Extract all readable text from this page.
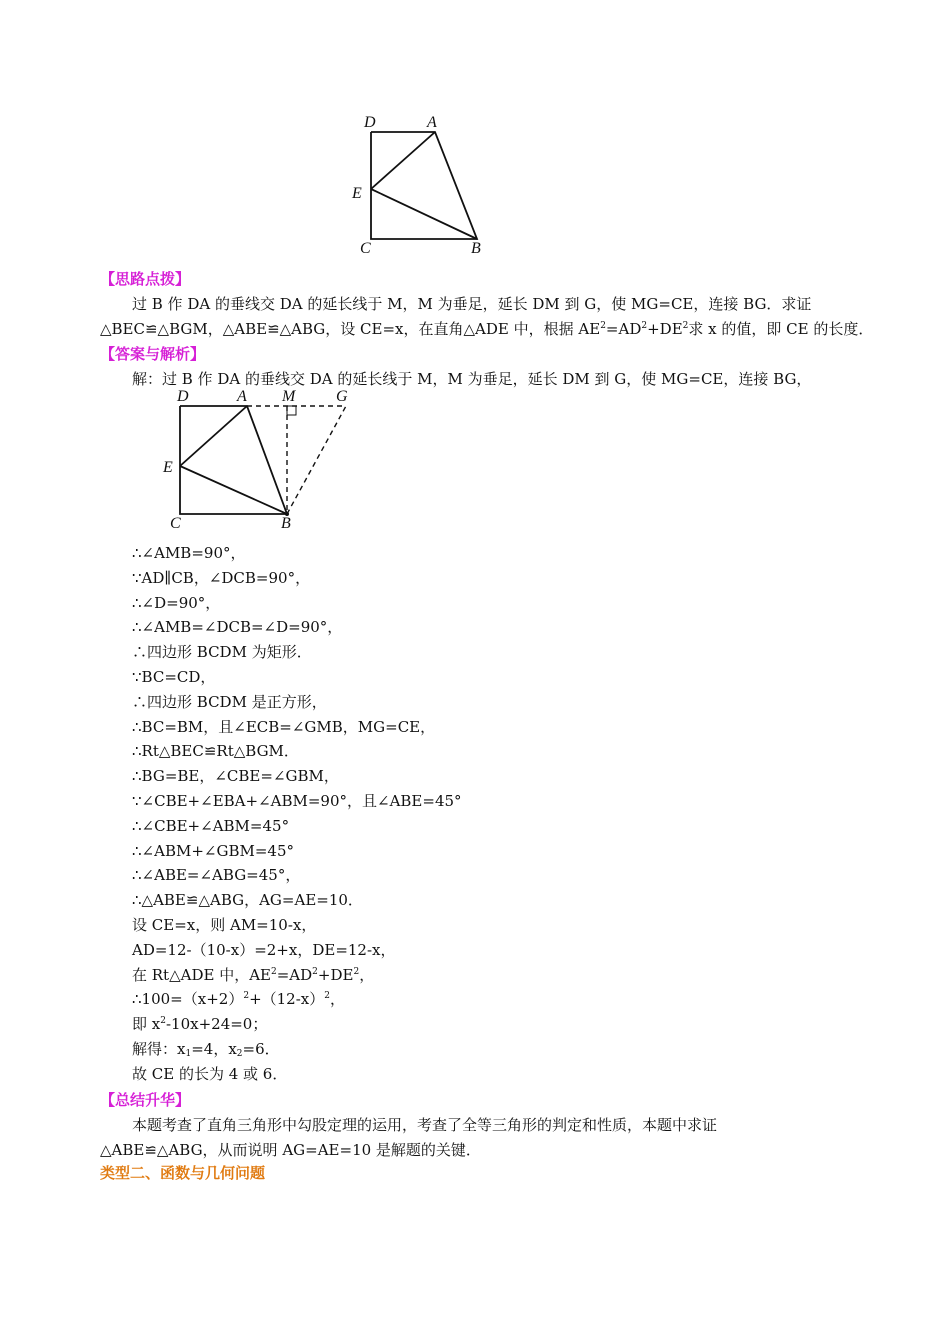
D	A
E
C	B
【思路点拨】
过 B 作 DA 的垂线交 DA 的延长线于 M，M 为垂足，延长 DM 到 G，使 MG=CE，连接 BG．求证
△BEC≌△BGM，△ABE≌△ABG，设 CE=x，在直角△ADE 中，根据 $AE^2=AD^2+DE^2$求 x 的值，即 CE 的长度．
【答案与解析】
解：过 B 作 DA 的垂线交 DA 的延长线于 M，M 为垂足，延长 DM 到 G，使 MG=CE，连接 BG，
D	A M	G
E
C	B
∴∠AMB=90°，
∵AD∥CB，∠DCB=90°，
∴∠D=90°，
∴∠AMB=∠DCB=∠D=90°，
∴四边形 BCDM 为矩形．
∵BC=CD，
∴四边形 BCDM 是正方形，
∴BC=BM，且∠ECB=∠GMB，MG=CE，
∴Rt△BEC≌Rt△BGM．
∴BG=BE，∠CBE=∠GBM，
∵∠CBE+∠EBA+∠ABM=90°，且∠ABE=45°
∴∠CBE+∠ABM=45°
∴∠ABM+∠GBM=45°
∴∠ABE=∠ABG=45°，
∴△ABE≌△ABG，AG=AE=10．
设 CE=x，则 AM=10-x，
AD=12-（10-x）=2+x，DE=12-x，
在 Rt△ADE 中，$AE^2=AD^2+DE^2$，
$\therefore 100=(x+2)^2+(12-x)^2$，
即 $x^2-10x+24=0$；
解得：$x_1=4$，$x_2=6$．
故 CE 的长为 4 或 6．
【总结升华】
本题考查了直角三角形中勾股定理的运用，考查了全等三角形的判定和性质，本题中求证
△ABE≌△ABG，从而说明 AG=AE=10 是解题的关键．
类型二、函数与几何问题
